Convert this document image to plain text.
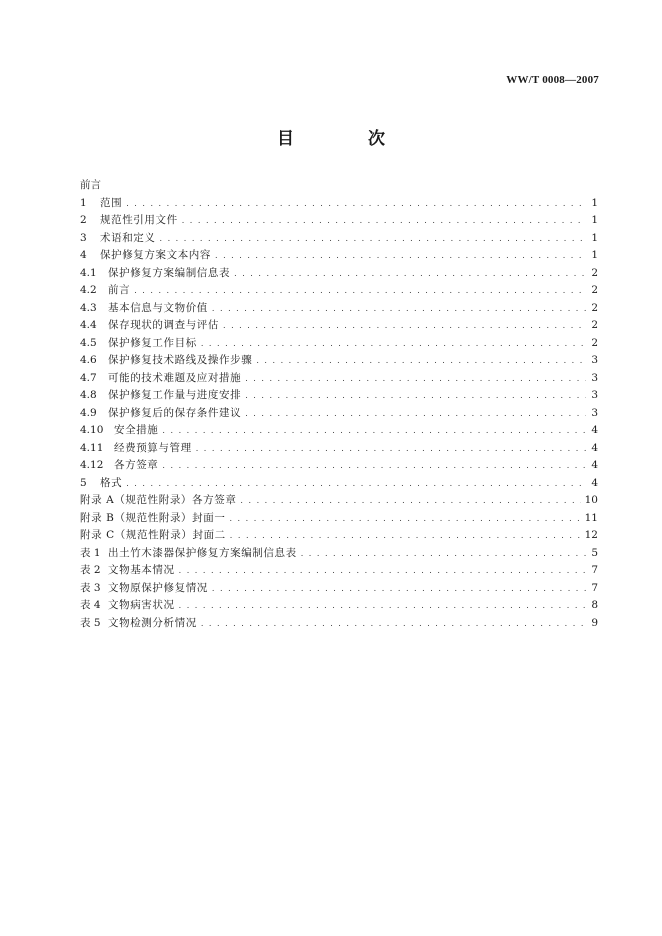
WW/T 0008—2007
目 次
前言
1	范围 . . .	1
2	规范性引用文件 . . .	1
3	术语和定义 . . .	1
4	保护修复方案文本内容 . . .	1
4.1	保护修复方案编制信息表 . . .	2
4.2	前言 . . .	2
4.3	基本信息与文物价值 . . .	2
4.4	保存现状的调查与评估 . . .	2
4.5	保护修复工作目标 . . .	2
4.6	保护修复技术路线及操作步骤 . . .	3
4.7	可能的技术难题及应对措施 . . .	3
4.8	保护修复工作量与进度安排 . . .	3
4.9	保护修复后的保存条件建议 . . .	3
4.10	安全措施 . . .	4
4.11	经费预算与管理 . . .	4
4.12	各方签章 . . .	4
5	格式 . . .	4
附录 A（规范性附录）各方签章 . . .	10
附录 B（规范性附录）封面一 . . .	11
附录 C（规范性附录）封面二 . . .	12
表 1 出土竹木漆器保护修复方案编制信息表 . . .	5
表 2 文物基本情况 . . .	7
表 3 文物原保护修复情况 . . .	7
表 4 文物病害状况 . . .	8
表 5 文物检测分析情况 . . .	9
